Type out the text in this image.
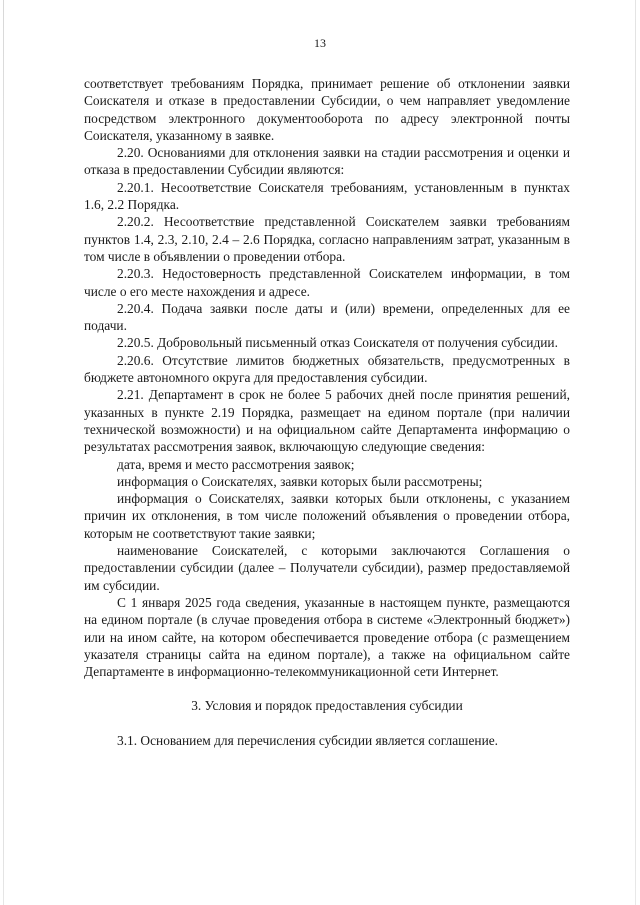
13

соответствует требованиям Порядка, принимает решение об отклонении заявки Соискателя и отказе в предоставлении Субсидии, о чем направляет уведомление посредством электронного документооборота по адресу электронной почты Соискателя, указанному в заявке.

2.20. Основаниями для отклонения заявки на стадии рассмотрения и оценки и отказа в предоставлении Субсидии являются:

2.20.1. Несоответствие Соискателя требованиям, установленным в пунктах 1.6, 2.2 Порядка.

2.20.2. Несоответствие представленной Соискателем заявки требованиям пунктов 1.4, 2.3, 2.10, 2.4 – 2.6 Порядка, согласно направлениям затрат, указанным в том числе в объявлении о проведении отбора.

2.20.3. Недостоверность представленной Соискателем информации, в том числе о его месте нахождения и адресе.

2.20.4. Подача заявки после даты и (или) времени, определенных для ее подачи.

2.20.5. Добровольный письменный отказ Соискателя от получения субсидии.

2.20.6. Отсутствие лимитов бюджетных обязательств, предусмотренных в бюджете автономного округа для предоставления субсидии.

2.21. Департамент в срок не более 5 рабочих дней после принятия решений, указанных в пункте 2.19 Порядка, размещает на едином портале (при наличии технической возможности) и на официальном сайте Департамента информацию о результатах рассмотрения заявок, включающую следующие сведения:

дата, время и место рассмотрения заявок;

информация о Соискателях, заявки которых были рассмотрены;

информация о Соискателях, заявки которых были отклонены, с указанием причин их отклонения, в том числе положений объявления о проведении отбора, которым не соответствуют такие заявки;

наименование Соискателей, с которыми заключаются Соглашения о предоставлении субсидии (далее – Получатели субсидии), размер предоставляемой им субсидии.

С 1 января 2025 года сведения, указанные в настоящем пункте, размещаются на едином портале (в случае проведения отбора в системе «Электронный бюджет») или на ином сайте, на котором обеспечивается проведение отбора (с размещением указателя страницы сайта на едином портале), а также на официальном сайте Департаменте в информационно-телекоммуникационной сети Интернет.

3. Условия и порядок предоставления субсидии

3.1. Основанием для перечисления субсидии является соглашение.
